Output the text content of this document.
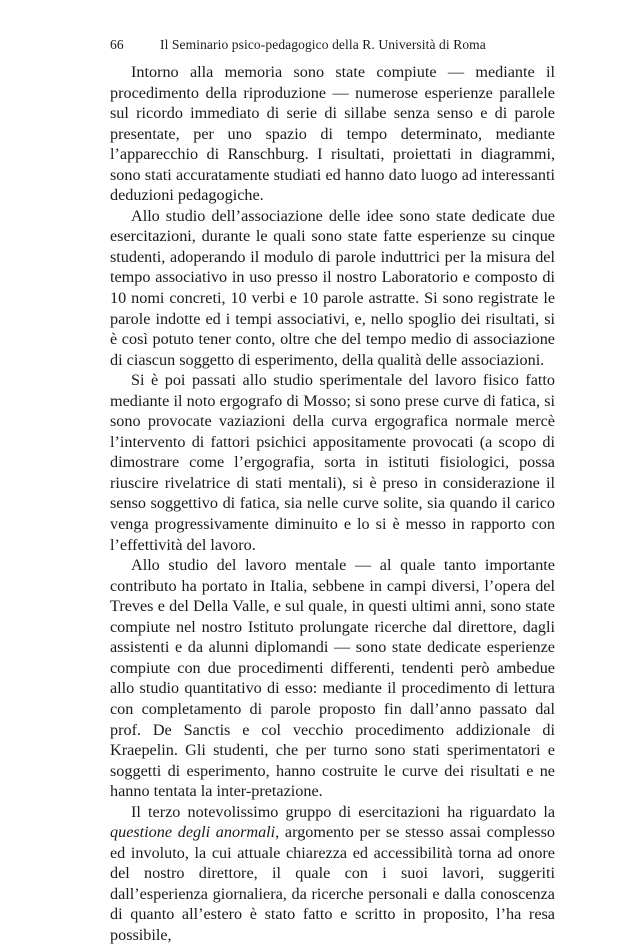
66	Il Seminario psico-pedagogico della R. Università di Roma

Intorno alla memoria sono state compiute — mediante il procedimento della riproduzione — numerose esperienze parallele sul ricordo immediato di serie di sillabe senza senso e di parole presentate, per uno spazio di tempo determinato, mediante l’apparecchio di Ranschburg. I risultati, proiettati in diagrammi, sono stati accuratamente studiati ed hanno dato luogo ad interessanti deduzioni pedagogiche.

Allo studio dell’associazione delle idee sono state dedicate due esercitazioni, durante le quali sono state fatte esperienze su cinque studenti, adoperando il modulo di parole induttrici per la misura del tempo associativo in uso presso il nostro Laboratorio e composto di 10 nomi concreti, 10 verbi e 10 parole astratte. Si sono registrate le parole indotte ed i tempi associativi, e, nello spoglio dei risultati, si è così potuto tener conto, oltre che del tempo medio di associazione di ciascun soggetto di esperimento, della qualità delle associazioni.

Si è poi passati allo studio sperimentale del lavoro fisico fatto mediante il noto ergografo di Mosso; si sono prese curve di fatica, si sono provocate vaziazioni della curva ergografica normale mercè l’intervento di fattori psichici appositamente provocati (a scopo di dimostrare come l’ergografia, sorta in istituti fisiologici, possa riuscire rivelatrice di stati mentali), si è preso in considerazione il senso soggettivo di fatica, sia nelle curve solite, sia quando il carico venga progressivamente diminuito e lo si è messo in rapporto con l’effettività del lavoro.

Allo studio del lavoro mentale — al quale tanto importante contributo ha portato in Italia, sebbene in campi diversi, l’opera del Treves e del Della Valle, e sul quale, in questi ultimi anni, sono state compiute nel nostro Istituto prolungate ricerche dal direttore, dagli assistenti e da alunni diplomandi — sono state dedicate esperienze compiute con due procedimenti differenti, tendenti però ambedue allo studio quantitativo di esso: mediante il procedimento di lettura con completamento di parole proposto fin dall’anno passato dal prof. De Sanctis e col vecchio procedimento addizionale di Kraepelin. Gli studenti, che per turno sono stati sperimentatori e soggetti di esperimento, hanno costruite le curve dei risultati e ne hanno tentata la inter-pretazione.

Il terzo notevolissimo gruppo di esercitazioni ha riguardato la questione degli anormali, argomento per se stesso assai complesso ed involuto, la cui attuale chiarezza ed accessibilità torna ad onore del nostro direttore, il quale con i suoi lavori, suggeriti dall’esperienza giornaliera, da ricerche personali e dalla conoscenza di quanto all’estero è stato fatto e scritto in proposito, l’ha resa possibile,
